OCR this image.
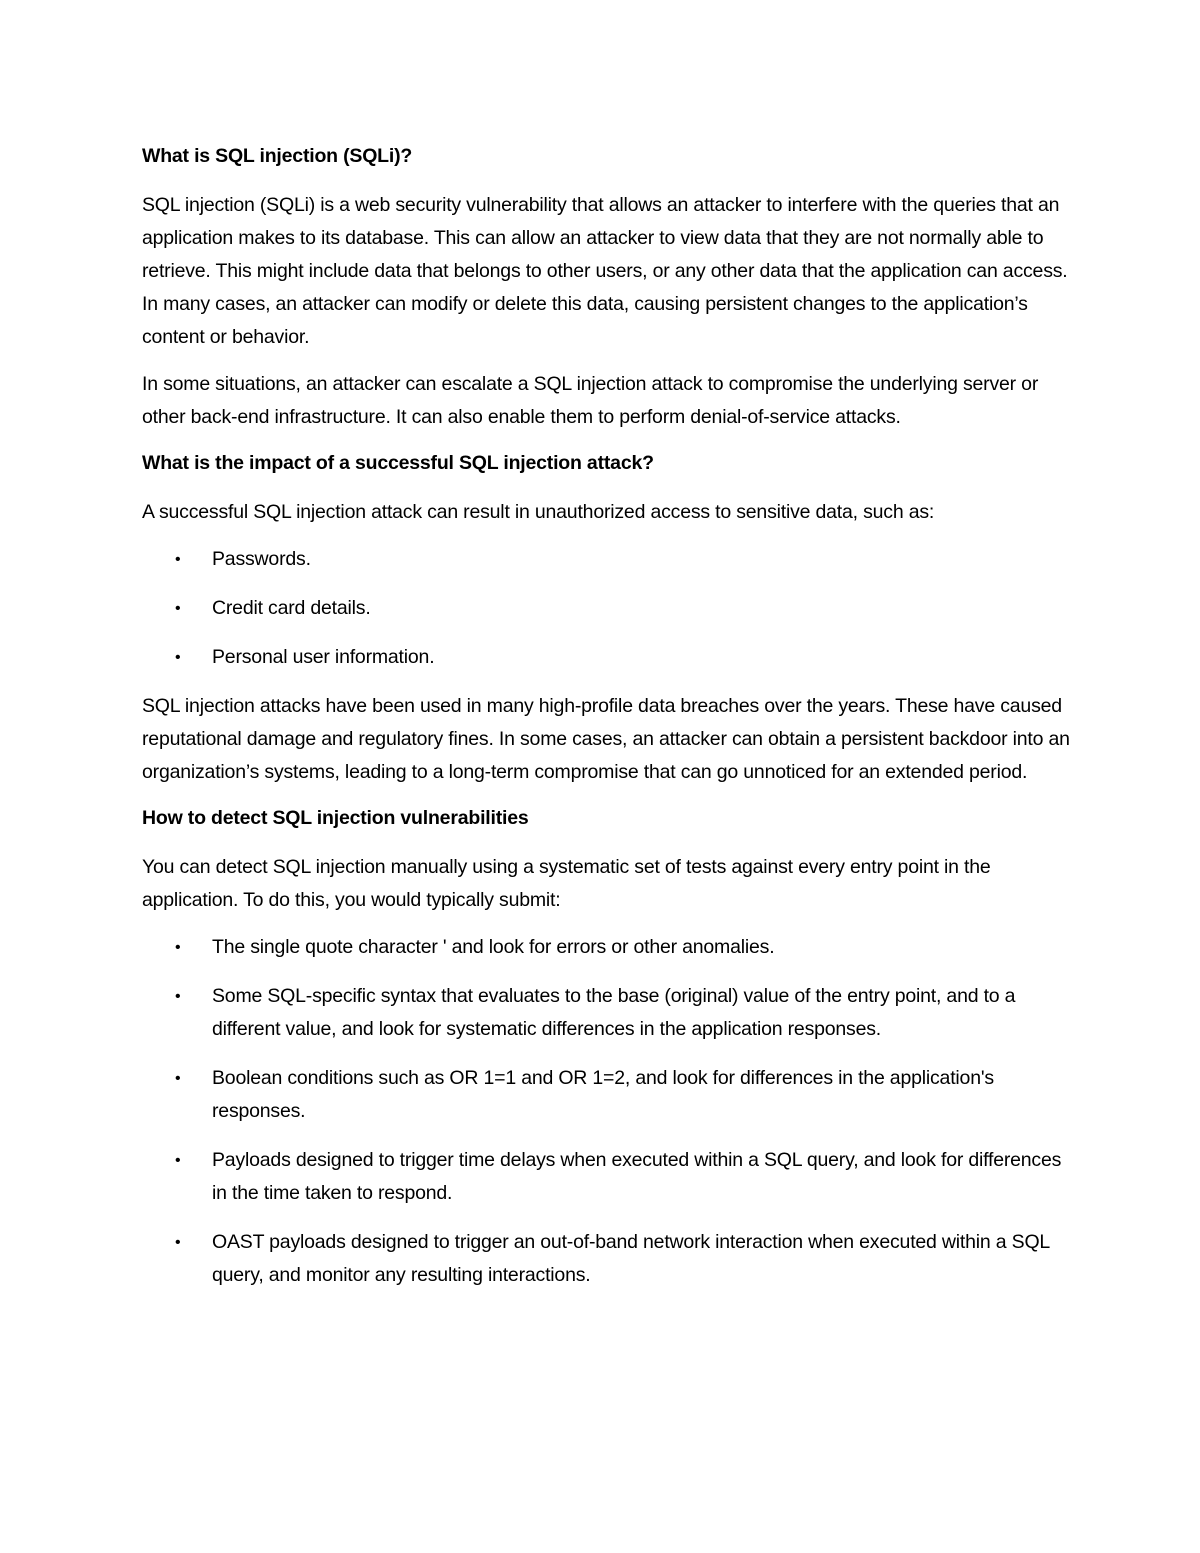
What is SQL injection (SQLi)?

SQL injection (SQLi) is a web security vulnerability that allows an attacker to interfere with the queries that an application makes to its database. This can allow an attacker to view data that they are not normally able to retrieve. This might include data that belongs to other users, or any other data that the application can access. In many cases, an attacker can modify or delete this data, causing persistent changes to the application’s content or behavior.

In some situations, an attacker can escalate a SQL injection attack to compromise the underlying server or other back-end infrastructure. It can also enable them to perform denial-of-service attacks.

What is the impact of a successful SQL injection attack?

A successful SQL injection attack can result in unauthorized access to sensitive data, such as:

• Passwords.
• Credit card details.
• Personal user information.

SQL injection attacks have been used in many high-profile data breaches over the years. These have caused reputational damage and regulatory fines. In some cases, an attacker can obtain a persistent backdoor into an organization’s systems, leading to a long-term compromise that can go unnoticed for an extended period.

How to detect SQL injection vulnerabilities

You can detect SQL injection manually using a systematic set of tests against every entry point in the application. To do this, you would typically submit:

• The single quote character ' and look for errors or other anomalies.
• Some SQL-specific syntax that evaluates to the base (original) value of the entry point, and to a different value, and look for systematic differences in the application responses.
• Boolean conditions such as OR 1=1 and OR 1=2, and look for differences in the application's responses.
• Payloads designed to trigger time delays when executed within a SQL query, and look for differences in the time taken to respond.
• OAST payloads designed to trigger an out-of-band network interaction when executed within a SQL query, and monitor any resulting interactions.
